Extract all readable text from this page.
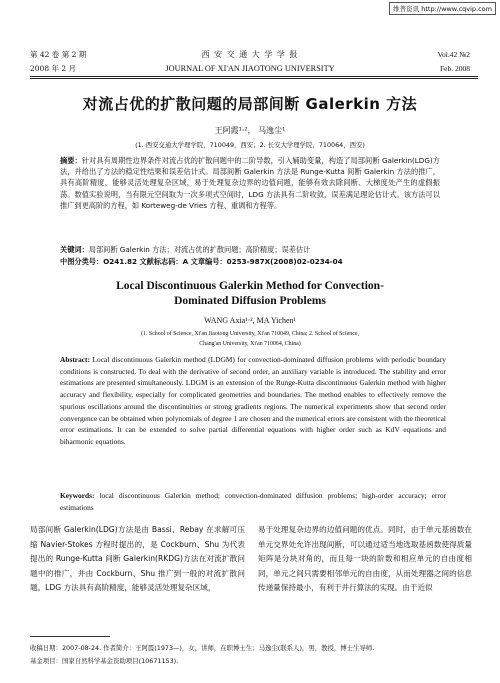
维普资讯 http://www.cqvip.com
第 42 卷 第 2 期
2008 年 2 月
西 安 交 通 大 学 学 报
JOURNAL OF XI'AN JIAOTONG UNIVERSITY
Vol.42 №2
Feb. 2008
对流占优的扩散问题的局部间断 Galerkin 方法
王阿霞¹·²， 马逸尘¹
(1. 西安交通大学理学院，710049，西安；2. 长安大学理学院，710064，西安)
摘要：针对具有周期性边界条件对流占优的扩散问题中的二阶导数，引入辅助变量，构造了局部间断 Galerkin(LDG)方法，并给出了方法的稳定性结果和误差估计式。局部间断 Galerkin 方法是 Runge-Kutta 间断 Galerkin 方法的推广，具有高阶精度，能够灵活处理复杂区域，易于处理复杂边界的边值问题，能够有效去除间断、大梯度处产生的虚假振荡。数值实验说明，当有限元空间取为一次多项式空间时，LDG 方法具有二阶收敛，误差满足理论估计式。该方法可以推广到更高阶的方程，如 Korteweg-de Vries 方程、重调和方程等。
关键词：局部间断 Galerkin 方法；对流占优的扩散问题；高阶精度；误差估计
中图分类号：O241.82 文献标志码：A 文章编号：0253-987X(2008)02-0234-04
Local Discontinuous Galerkin Method for Convection-
Dominated Diffusion Problems
WANG Axia¹·², MA Yichen¹
(1. School of Science, Xi'an Jiaotong University, Xi'an 710049, China; 2. School of Science,
Chang'an University, Xi'an 710064, China)
Abstract: Local discontinuous Galerkin method (LDGM) for convection-dominated diffusion problems with periodic boundary conditions is constructed. To deal with the derivative of second order, an auxiliary variable is introduced. The stability and error estimations are presented simultaneously. LDGM is an extension of the Runge-Kutta discontinuous Galerkin method with higher accuracy and flexibility, especially for complicated geometries and boundaries. The method enables to effectively remove the spurious oscillations around the discontinuities or strong gradients regions. The numerical experiments show that second order convergence can be obtained when polynomials of degree 1 are chosen and the numerical errors are consistent with the theoretical error estimations. It can be extended to solve partial differential equations with higher order such as KdV equations and biharmonic equations.
Keywords: local discontinuous Galerkin method; convection-dominated diffusion problems; high-order accuracy; error estimations
局部间断 Galerkin(LDG)方法是由 Bassi、Rebay 在求解可压缩 Navier-Stokes 方程时提出的，是 Cockburn、Shu 为代表提出的 Runge-Kutta 间断 Galerkin(RKDG)方法在对流扩散问题中的推广，并由 Cockburn、Shu 推广到一般的对流扩散问题。LDG 方法具有高阶精度，能够灵活处理复杂区域，
易于处理复杂边界的边值问题的优点。同时，由于单元基函数在单元交界处允许出现间断，可以通过适当地选取基函数使得质量矩阵是分块对角的，而且每一块的阶数和相应单元的自由度相同，单元之间只需要相邻单元的自由度，从而处理器之间的信息传递量保持最小，有利于并行算法的实现。由于近似
收稿日期：2007-08-24. 作者简介：王阿霞(1973—)，女，讲师，在职博士生；马逸尘(联系人)，男，教授，博士生导师.
基金项目：国家自然科学基金资助项目(10671153).
